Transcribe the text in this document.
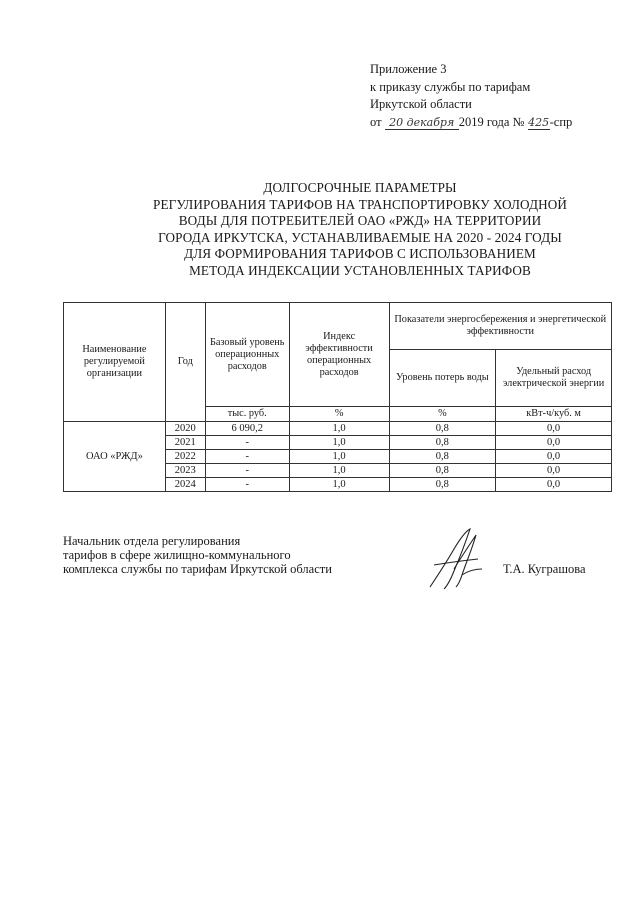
Приложение 3
к приказу службы по тарифам
Иркутской области
от 20 декабря 2019 года № 425-спр
ДОЛГОСРОЧНЫЕ ПАРАМЕТРЫ
РЕГУЛИРОВАНИЯ ТАРИФОВ НА ТРАНСПОРТИРОВКУ ХОЛОДНОЙ
ВОДЫ ДЛЯ ПОТРЕБИТЕЛЕЙ ОАО «РЖД» НА ТЕРРИТОРИИ
ГОРОДА ИРКУТСКА, УСТАНАВЛИВАЕМЫЕ НА 2020 - 2024 ГОДЫ
ДЛЯ ФОРМИРОВАНИЯ ТАРИФОВ С ИСПОЛЬЗОВАНИЕМ
МЕТОДА ИНДЕКСАЦИИ УСТАНОВЛЕННЫХ ТАРИФОВ
Наименование регулируемой организации	Год	Базовый уровень операционных расходов	Индекс эффективности операционных расходов	Показатели энергосбережения и энергетической эффективности	
				Уровень потерь воды	Удельный расход электрической энергии
		тыс. руб.	%	%	кВт-ч/куб. м
ОАО «РЖД»	2020	6 090,2	1,0	0,8	0,0
	2021	-	1,0	0,8	0,0
	2022	-	1,0	0,8	0,0
	2023	-	1,0	0,8	0,0
	2024	-	1,0	0,8	0,0
Начальник отдела регулирования
тарифов в сфере жилищно-коммунального
комплекса службы по тарифам Иркутской области	Т.А. Куграшова
